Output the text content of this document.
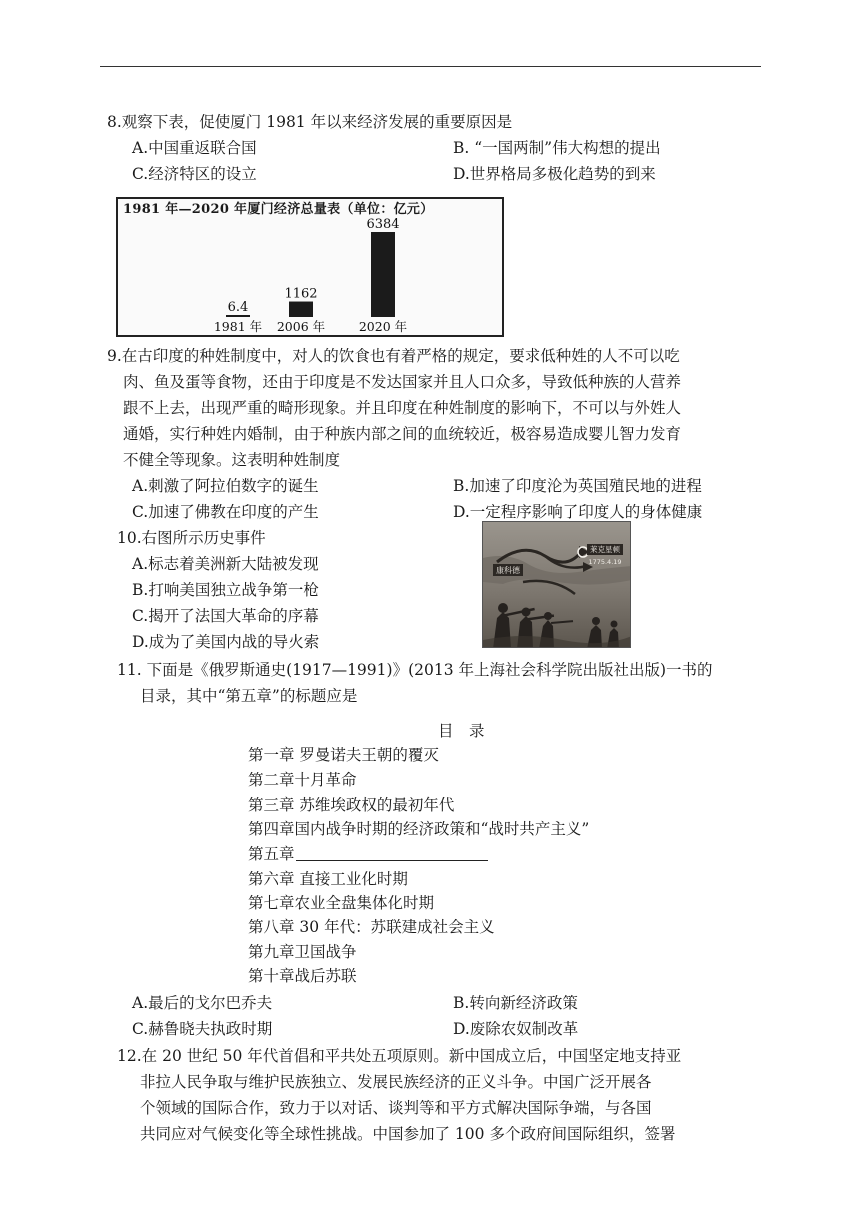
8.观察下表，促使厦门 1981 年以来经济发展的重要原因是
A.中国重返联合国	B. “一国两制”伟大构想的提出
C.经济特区的设立	D.世界格局多极化趋势的到来
1981 年—2020 年厦门经济总量表（单位：亿元）
6.4
1981 年
1162
2006 年
6384
2020 年
9.在古印度的种姓制度中，对人的饮食也有着严格的规定，要求低种姓的人不可以吃
肉、鱼及蛋等食物，还由于印度是不发达国家并且人口众多，导致低种族的人营养
跟不上去，出现严重的畸形现象。并且印度在种姓制度的影响下，不可以与外姓人
通婚，实行种姓内婚制，由于种族内部之间的血统较近，极容易造成婴儿智力发育
不健全等现象。这表明种姓制度
A.刺激了阿拉伯数字的诞生	B.加速了印度沦为英国殖民地的进程
C.加速了佛教在印度的产生	D.一定程序影响了印度人的身体健康
10.右图所示历史事件
A.标志着美洲新大陆被发现
B.打响美国独立战争第一枪
C.揭开了法国大革命的序幕
D.成为了美国内战的导火索
康科德
莱克星顿
1775.4.19
11. 下面是《俄罗斯通史(1917—1991)》(2013 年上海社会科学院出版社出版)一书的
目录，其中“第五章”的标题应是
目　录
第一章 罗曼诺夫王朝的覆灭
第二章十月革命
第三章 苏维埃政权的最初年代
第四章国内战争时期的经济政策和“战时共产主义”
第五章
第六章 直接工业化时期
第七章农业全盘集体化时期
第八章 30 年代：苏联建成社会主义
第九章卫国战争
第十章战后苏联
A.最后的戈尔巴乔夫	B.转向新经济政策
C.赫鲁晓夫执政时期	D.废除农奴制改革
12.在 20 世纪 50 年代首倡和平共处五项原则。新中国成立后，中国坚定地支持亚
非拉人民争取与维护民族独立、发展民族经济的正义斗争。中国广泛开展各
个领域的国际合作，致力于以对话、谈判等和平方式解决国际争端，与各国
共同应对气候变化等全球性挑战。中国参加了 100 多个政府间国际组织，签署
